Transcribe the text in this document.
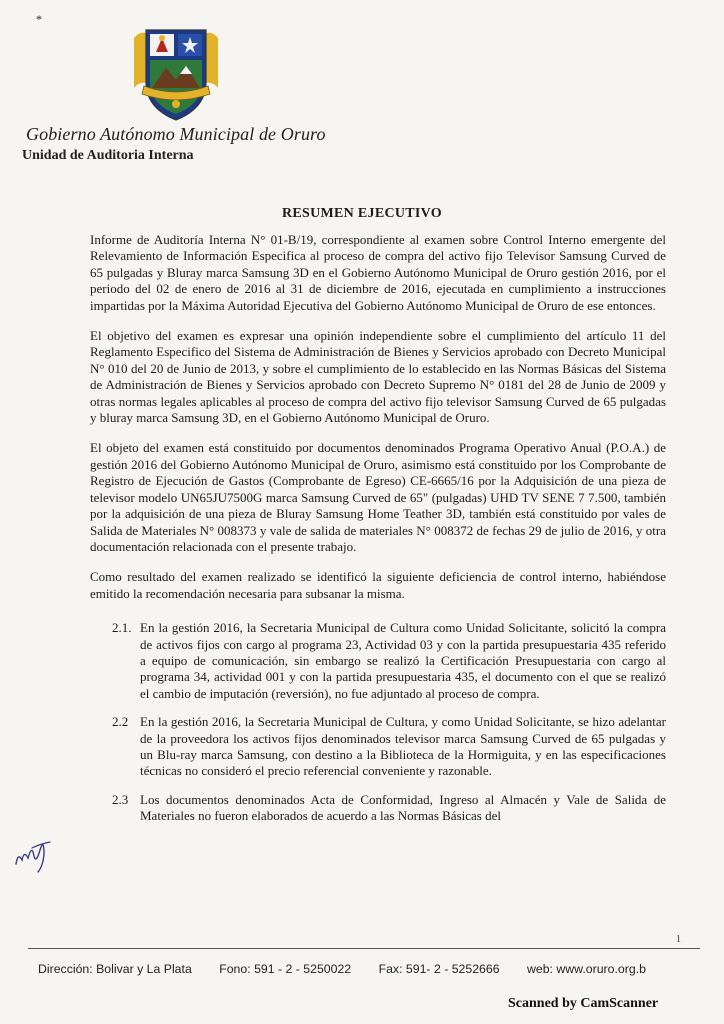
*
Gobierno Autónomo Municipal de Oruro
Unidad de Auditoria Interna
RESUMEN EJECUTIVO

Informe de Auditoría Interna N° 01-B/19, correspondiente al examen sobre Control Interno emergente del Relevamiento de Información Especifica al proceso de compra del activo fijo Televisor Samsung Curved de 65 pulgadas y Bluray marca Samsung 3D en el Gobierno Autónomo Municipal de Oruro gestión 2016, por el periodo del 02 de enero de 2016 al 31 de diciembre de 2016, ejecutada en cumplimiento a instrucciones impartidas por la Máxima Autoridad Ejecutiva del Gobierno Autónomo Municipal de Oruro de ese entonces.

El objetivo del examen es expresar una opinión independiente sobre el cumplimiento del artículo 11 del Reglamento Especifico del Sistema de Administración de Bienes y Servicios aprobado con Decreto Municipal N° 010 del 20 de Junio de 2013, y sobre el cumplimiento de lo establecido en las Normas Básicas del Sistema de Administración de Bienes y Servicios aprobado con Decreto Supremo N° 0181 del 28 de Junio de 2009 y otras normas legales aplicables al proceso de compra del activo fijo televisor Samsung Curved de 65 pulgadas y bluray marca Samsung 3D, en el Gobierno Autónomo Municipal de Oruro.

El objeto del examen está constituido por documentos denominados Programa Operativo Anual (P.O.A.) de gestión 2016 del Gobierno Autónomo Municipal de Oruro, asimismo está constituido por los Comprobante de Registro de Ejecución de Gastos (Comprobante de Egreso) CE-6665/16 por la Adquisición de una pieza de televisor modelo UN65JU7500G marca Samsung Curved de 65" (pulgadas) UHD TV SENE 7 7.500, también por la adquisición de una pieza de Bluray Samsung Home Teather 3D, también está constituido por vales de Salida de Materiales N° 008373 y vale de salida de materiales N° 008372 de fechas 29 de julio de 2016, y otra documentación relacionada con el presente trabajo.

Como resultado del examen realizado se identificó la siguiente deficiencia de control interno, habiéndose emitido la recomendación necesaria para subsanar la misma.

2.1. En la gestión 2016, la Secretaria Municipal de Cultura como Unidad Solicitante, solicitó la compra de activos fijos con cargo al programa 23, Actividad 03 y con la partida presupuestaria 435 referido a equipo de comunicación, sin embargo se realizó la Certificación Presupuestaria con cargo al programa 34, actividad 001 y con la partida presupuestaria 435, el documento con el que se realizó el cambio de imputación (reversión), no fue adjuntado al proceso de compra.

2.2 En la gestión 2016, la Secretaria Municipal de Cultura, y como Unidad Solicitante, se hizo adelantar de la proveedora los activos fijos denominados televisor marca Samsung Curved de 65 pulgadas y un Blu-ray marca Samsung, con destino a la Biblioteca de la Hormiguita, y en las especificaciones técnicas no consideró el precio referencial conveniente y razonable.

2.3 Los documentos denominados Acta de Conformidad, Ingreso al Almacén y Vale de Salida de Materiales no fueron elaborados de acuerdo a las Normas Básicas del

1
Dirección: Bolivar y La Plata Fono: 591 - 2 - 5250022 Fax: 591- 2 - 5252666 web: www.oruro.org.b
Scanned by CamScanner
